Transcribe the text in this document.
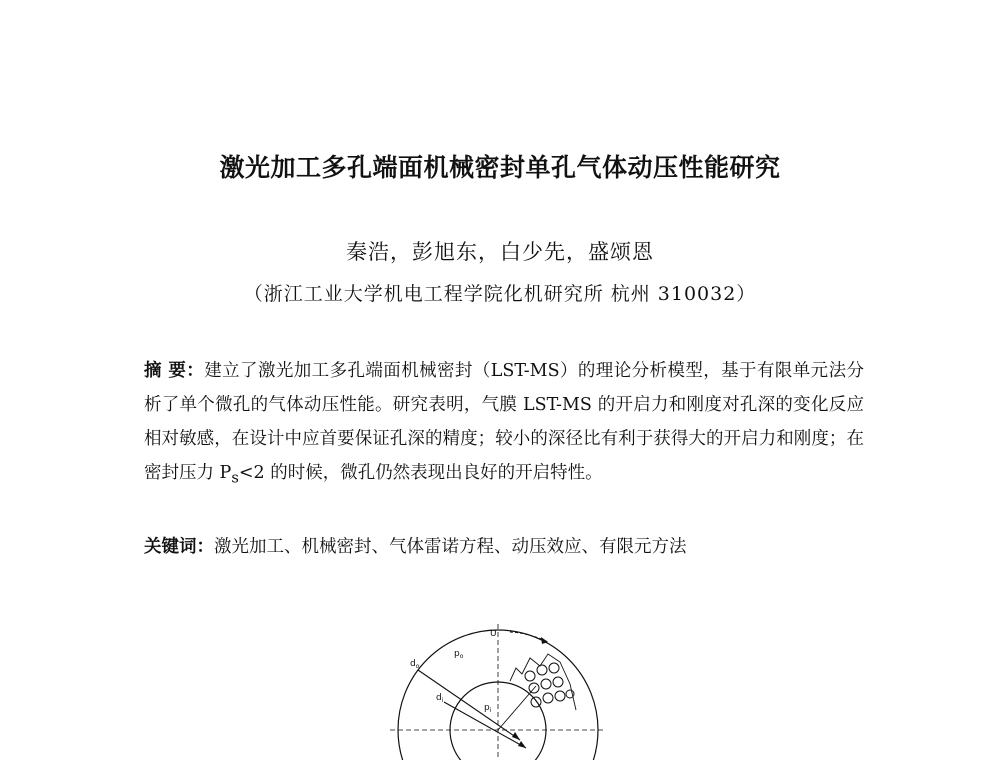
激光加工多孔端面机械密封单孔气体动压性能研究
秦浩，彭旭东，白少先，盛颂恩
（浙江工业大学机电工程学院化机研究所 杭州 310032）
摘 要：建立了激光加工多孔端面机械密封（LST-MS）的理论分析模型，基于有限单元法分析了单个微孔的气体动压性能。研究表明，气膜 LST-MS 的开启力和刚度对孔深的变化反应相对敏感，在设计中应首要保证孔深的精度；较小的深径比有利于获得大的开启力和刚度；在密封压力 $P_s<2$ 的时候，微孔仍然表现出良好的开启特性。
关键词：激光加工、机械密封、气体雷诺方程、动压效应、有限元方法
U
$p_o$
$d_o$
$d_i$
$p_i$
